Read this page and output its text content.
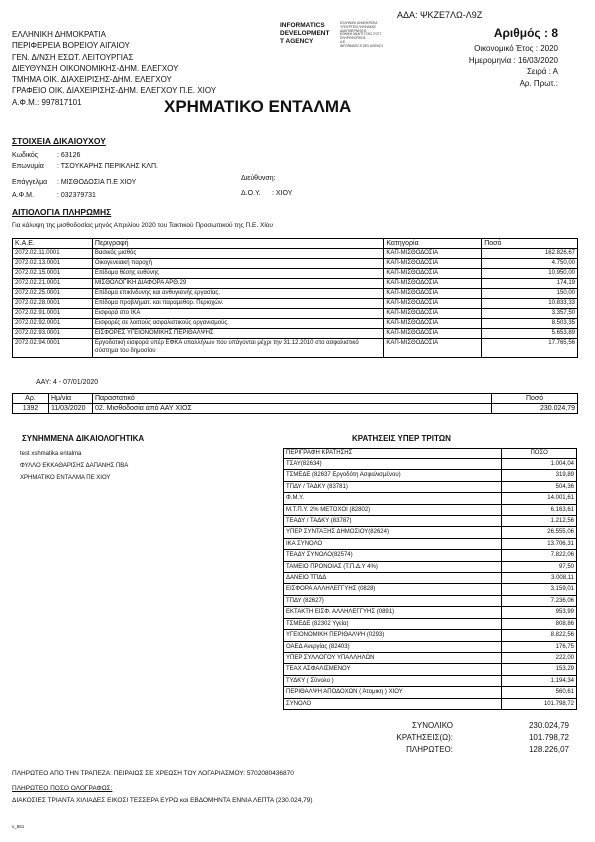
ΑΔΑ: ΨΚΖΕ7ΛΩ-Λ9Ζ
ΕΛΛΗΝΙΚΗ ΔΗΜΟΚΡΑΤΙΑ
ΠΕΡΙΦΕΡΕΙΑ ΒΟΡΕΙΟΥ ΑΙΓΑΙΟΥ
ΓΕΝ. Δ/ΝΣΗ ΕΣΩΤ. ΛΕΙΤΟΥΡΓΙΑΣ
ΔΙΕΥΘΥΝΣΗ ΟΙΚΟΝΟΜΙΚΗΣ-ΔΗΜ. ΕΛΕΓΧΟΥ
ΤΜΗΜΑ ΟΙΚ. ΔΙΑΧΕΙΡΙΣΗΣ-ΔΗΜ. ΕΛΕΓΧΟΥ
ΓΡΑΦΕΙΟ ΟΙΚ. ΔΙΑΧΕΙΡΙΣΗΣ-ΔΗΜ. ΕΛΕΓΧΟΥ Π.Ε. ΧΙΟΥ
Α.Φ.Μ.: 997817101
INFORMATICS
DEVELOPMENT
T AGENCY
ΕΛΛΗΝΙΚΗ ΔΗΜΟΚΡΑΤΙΑ
ΥΠΟΥΡΓΕΙΟ ΨΗΦΙΑΚΗΣ
ΔΙΑΚΥΒΕΡΝΗΣΗΣ
ΕΘΝΙΚΗ ΑΝΑΠΤΥΞΗΣ ΣΥΣΤ.
ΠΛΗΡΟΦΟΡΙΚΗΣ
Α.Ε.
INFORMATICS DEV AGENCY
Αριθμός : 8
Οικονομικό Έτος : 2020
Ημερομηνία : 16/03/2020
Σειρά : Α
Αρ. Πρωτ.:
ΧΡΗΜΑΤΙΚΟ ΕΝΤΑΛΜΑ
ΣΤΟΙΧΕΙΑ ΔΙΚΑΙΟΥΧΟΥ
Κωδικός	: 63126
Επωνυμία : ΤΣΟΥΚΑΡΗΣ ΠΕΡΙΚΛΗΣ ΚΛΠ.
Επάγγελμα : ΜΙΣΘΟΔΟΣΙΑ Π.Ε ΧΙΟΥ
Διεύθυνση:
Α.Φ.Μ.	: 032379731	Δ.Ο.Υ. : ΧΙΟΥ
ΑΙΤΙΟΛΟΓΙΑ ΠΛΗΡΩΜΗΣ
Για κάλυψη της μισθοδοσίας μηνός Απριλίου 2020 του Τακτικού Προσωπικού της Π.Ε. Χίου
Κ.Α.Ε.	Περιγραφή	Κατηγορία	Ποσό
2072.02.11.0001	Βασικός μισθός	ΚΑΠ-ΜΙΣΘΟΔΟΣΙΑ	162.826,67
2072.02.13.0001	Οικογενειακή παροχή	ΚΑΠ-ΜΙΣΘΟΔΟΣΙΑ	4.750,00
2072.02.15.0001	Επίδομα θέσης ευθύνης	ΚΑΠ-ΜΙΣΘΟΔΟΣΙΑ	10.950,00
2072.02.21.0001	ΜΙΣΘΟΛΟΓΙΚΗ ΔΙΑΦΟΡΑ ΑΡΘ.29	ΚΑΠ-ΜΙΣΘΟΔΟΣΙΑ	174,19
2072.02.25.0001	Επίδομα επικίνδυνης και ανθυγιεινής εργασίας.	ΚΑΠ-ΜΙΣΘΟΔΟΣΙΑ	150,00
2072.02.28.0001	Επίδομα προβλήματ. και παραμεθορ. Περιοχών.	ΚΑΠ-ΜΙΣΘΟΔΟΣΙΑ	10.833,33
2072.02.91.0001	Εισφορά στο ΙΚΑ	ΚΑΠ-ΜΙΣΘΟΔΟΣΙΑ	3.357,50
2072.02.92.0001	Εισφορές σε λοιπούς ασφαλιστικούς οργανισμούς.	ΚΑΠ-ΜΙΣΘΟΔΟΣΙΑ	8.503,35
2072.02.93.0001	ΕΙΣΦΟΡΕΣ ΥΓΕΙΟΝΟΜΙΚΗΣ ΠΕΡΙΘΑΛΨΗΣ	ΚΑΠ-ΜΙΣΘΟΔΟΣΙΑ	5.653,89
2072.02.94.0001	Εργοδοτική εισφορά υπέρ ΕΦΚΑ υπαλλήλων που υπάγονται μέχρι την 31.12.2010 στο ασφαλιστικό σύστημα του δημοσίου	ΚΑΠ-ΜΙΣΘΟΔΟΣΙΑ	17.765,56
ΑΑΥ: 4 - 07/01/2020
Αρ.	Ημ/νία	Παραστατικό	Ποσό
1392	11/03/2020	02. Μισθοδοσία από ΑΑΥ ΧΙΟΣ	230.024,79
ΣΥΝΗΜΜΕΝΑ ΔΙΚΑΙΟΛΟΓΗΤΙΚΑ
test xshmatika entalma
ΦΥΛΛΟ ΕΚΚΑΘΑΡΙΣΗΣ ΔΑΠΑΝΗΣ ΠΒΑ
ΧΡΗΜΑΤΙΚΟ ΕΝΤΑΛΜΑ ΠΕ ΧΙΟΥ
ΚΡΑΤΗΣΕΙΣ ΥΠΕΡ ΤΡΙΤΩΝ
ΠΕΡΙΓΡΑΦΗ ΚΡΑΤΗΣΗΣ	ΠΟΣΟ
ΤΣΑΥ(82634)	1.004,04
ΤΣΜΕΔΕ (82637 Εργοδότη Ασφαλισμένου)	319,89
ΤΠΔΥ / ΤΑΔΚΥ (83781)	504,36
Φ.Μ.Υ.	14.001,61
Μ.Τ.Π.Υ. 2% ΜΕΤΟΧΟΙ (82802)	6.163,61
ΤΕΑΔΥ / ΤΑΔΚΥ (83787)	1.212,56
ΥΠΕΡ ΣΥΝΤΑΞΗΣ ΔΗΜΟΣΙΟΥ(82624)	26.555,06
ΙΚΑ ΣΥΝΟΛΟ	13.706,31
ΤΕΑΔΥ ΣΥΝΟΛΟ(82574)	7.822,06
ΤΑΜΕΙΟ ΠΡΟΝΟΙΑΣ (Τ.Π.Δ.Υ 4%)	97,50
ΔΑΝΕΙΟ ΤΠΔΔ	3.008,11
ΕΙΣΦΟΡΑ ΑΛΛΗΛΕΓΓΥΗΣ (0828)	3.159,01
ΤΠΔΥ (82627)	7.236,06
ΕΚΤΑΚΤΗ ΕΙΣΦ. ΑΛΛΗΛΕΓΓΥΗΣ (0891)	953,99
ΤΣΜΕΔΕ (82302 Υγεία)	808,86
ΥΓΕΙΟΝΟΜΙΚΗ ΠΕΡΙΘΑΛΨΗ (0293)	8.822,56
ΟΑΕΔ Ανεργίας (82403)	176,75
ΥΠΕΡ ΣΥΛΛΟΓΟΥ ΥΠΑΛΛΗΛΩΝ	222,00
ΤΕΑΧ ΑΣΦΑΛΙΣΜΕΝΟΥ	153,29
ΤΥΔΚΥ ( Σύνολο )	1.194,34
ΠΕΡΙΘΑΛΨΗ ΑΠΟΔΟΧΩΝ ( Άτομικη ) ΧΙΟΥ	560,61
ΣΥΝΟΛΟ	101.798,72
ΣΥΝΟΛΙΚΟ	230.024,79
ΚΡΑΤΗΣΕΙΣ(Ω):	101.798,72
ΠΛΗΡΩΤΕΟ:	128.226,07
ΠΛΗΡΩΤΕΟ ΑΠΟ ΤΗΝ ΤΡΑΠΕΖΑ: ΠΕΙΡΑΙΩΣ ΣΕ ΧΡΕΩΣΗ ΤΟΥ ΛΟΓΑΡΙΑΣΜΟΥ: 5702080436870
ΠΛΗΡΩΤΕΟ ΠΟΣΟ ΟΛΟΓΡΑΦΩΣ:
ΔΙΑΚΟΣΙΕΣ ΤΡΙΑΝΤΑ ΧΙΛΙΑΔΕΣ ΕΙΚΟΣΙ ΤΕΣΣΕΡΑ ΕΥΡΩ και ΕΒΔΟΜΗΝΤΑ ΕΝΝΙΑ ΛΕΠΤΑ (230.024,79)
v_561
